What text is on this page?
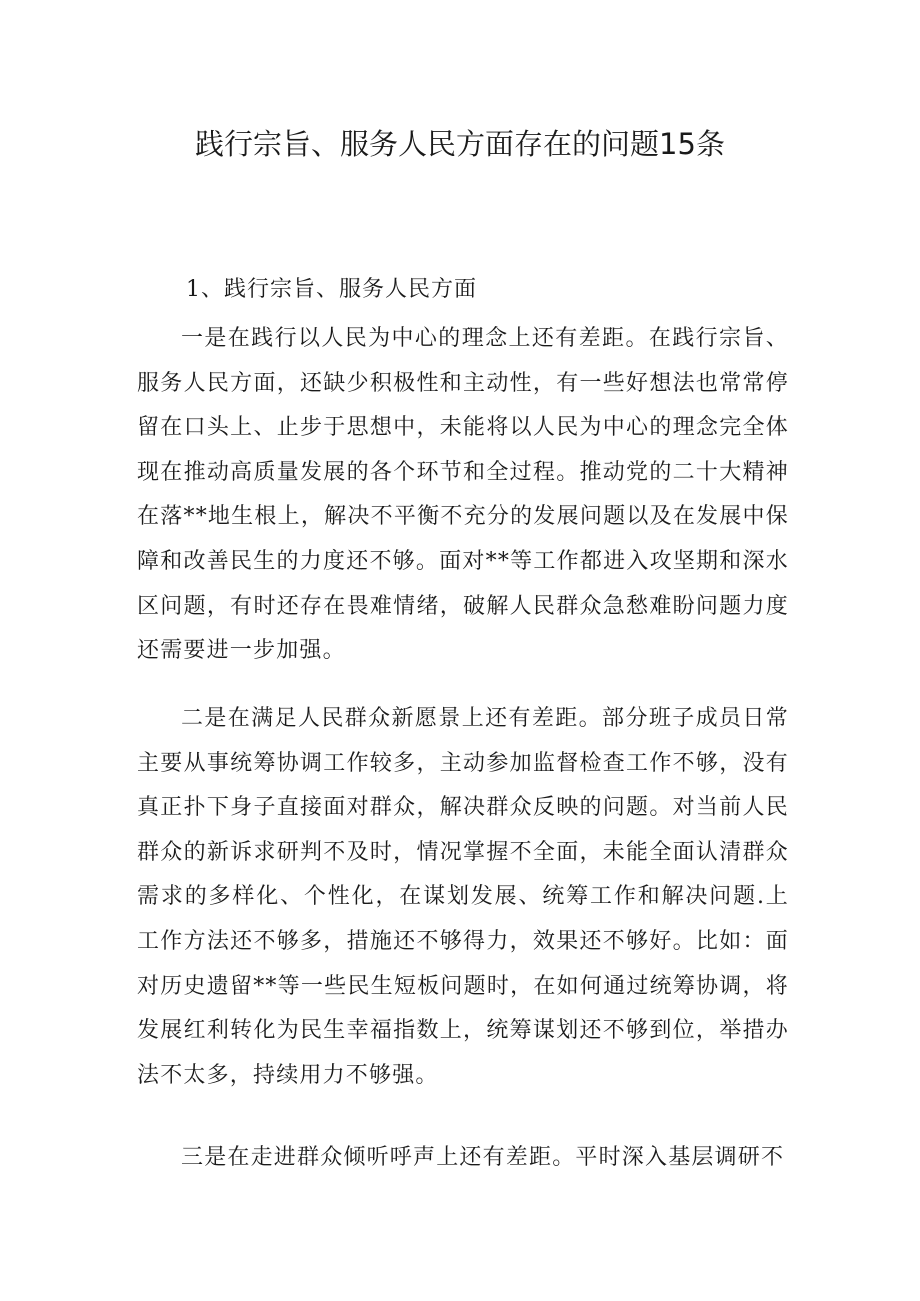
践行宗旨、服务人民方面存在的问题15条
1、践行宗旨、服务人民方面

一是在践行以人民为中心的理念上还有差距。在践行宗旨、服务人民方面，还缺少积极性和主动性，有一些好想法也常常停留在口头上、止步于思想中，未能将以人民为中心的理念完全体现在推动高质量发展的各个环节和全过程。推动党的二十大精神在落**地生根上，解决不平衡不充分的发展问题以及在发展中保障和改善民生的力度还不够。面对**等工作都进入攻坚期和深水区问题，有时还存在畏难情绪，破解人民群众急愁难盼问题力度还需要进一步加强。

二是在满足人民群众新愿景上还有差距。部分班子成员日常主要从事统筹协调工作较多，主动参加监督检查工作不够，没有真正扑下身子直接面对群众，解决群众反映的问题。对当前人民群众的新诉求研判不及时，情况掌握不全面，未能全面认清群众需求的多样化、个性化，在谋划发展、统筹工作和解决问题.上工作方法还不够多，措施还不够得力，效果还不够好。比如：面对历史遗留**等一些民生短板问题时，在如何通过统筹协调，将发展红利转化为民生幸福指数上，统筹谋划还不够到位，举措办法不太多，持续用力不够强。

三是在走进群众倾听呼声上还有差距。平时深入基层调研不
